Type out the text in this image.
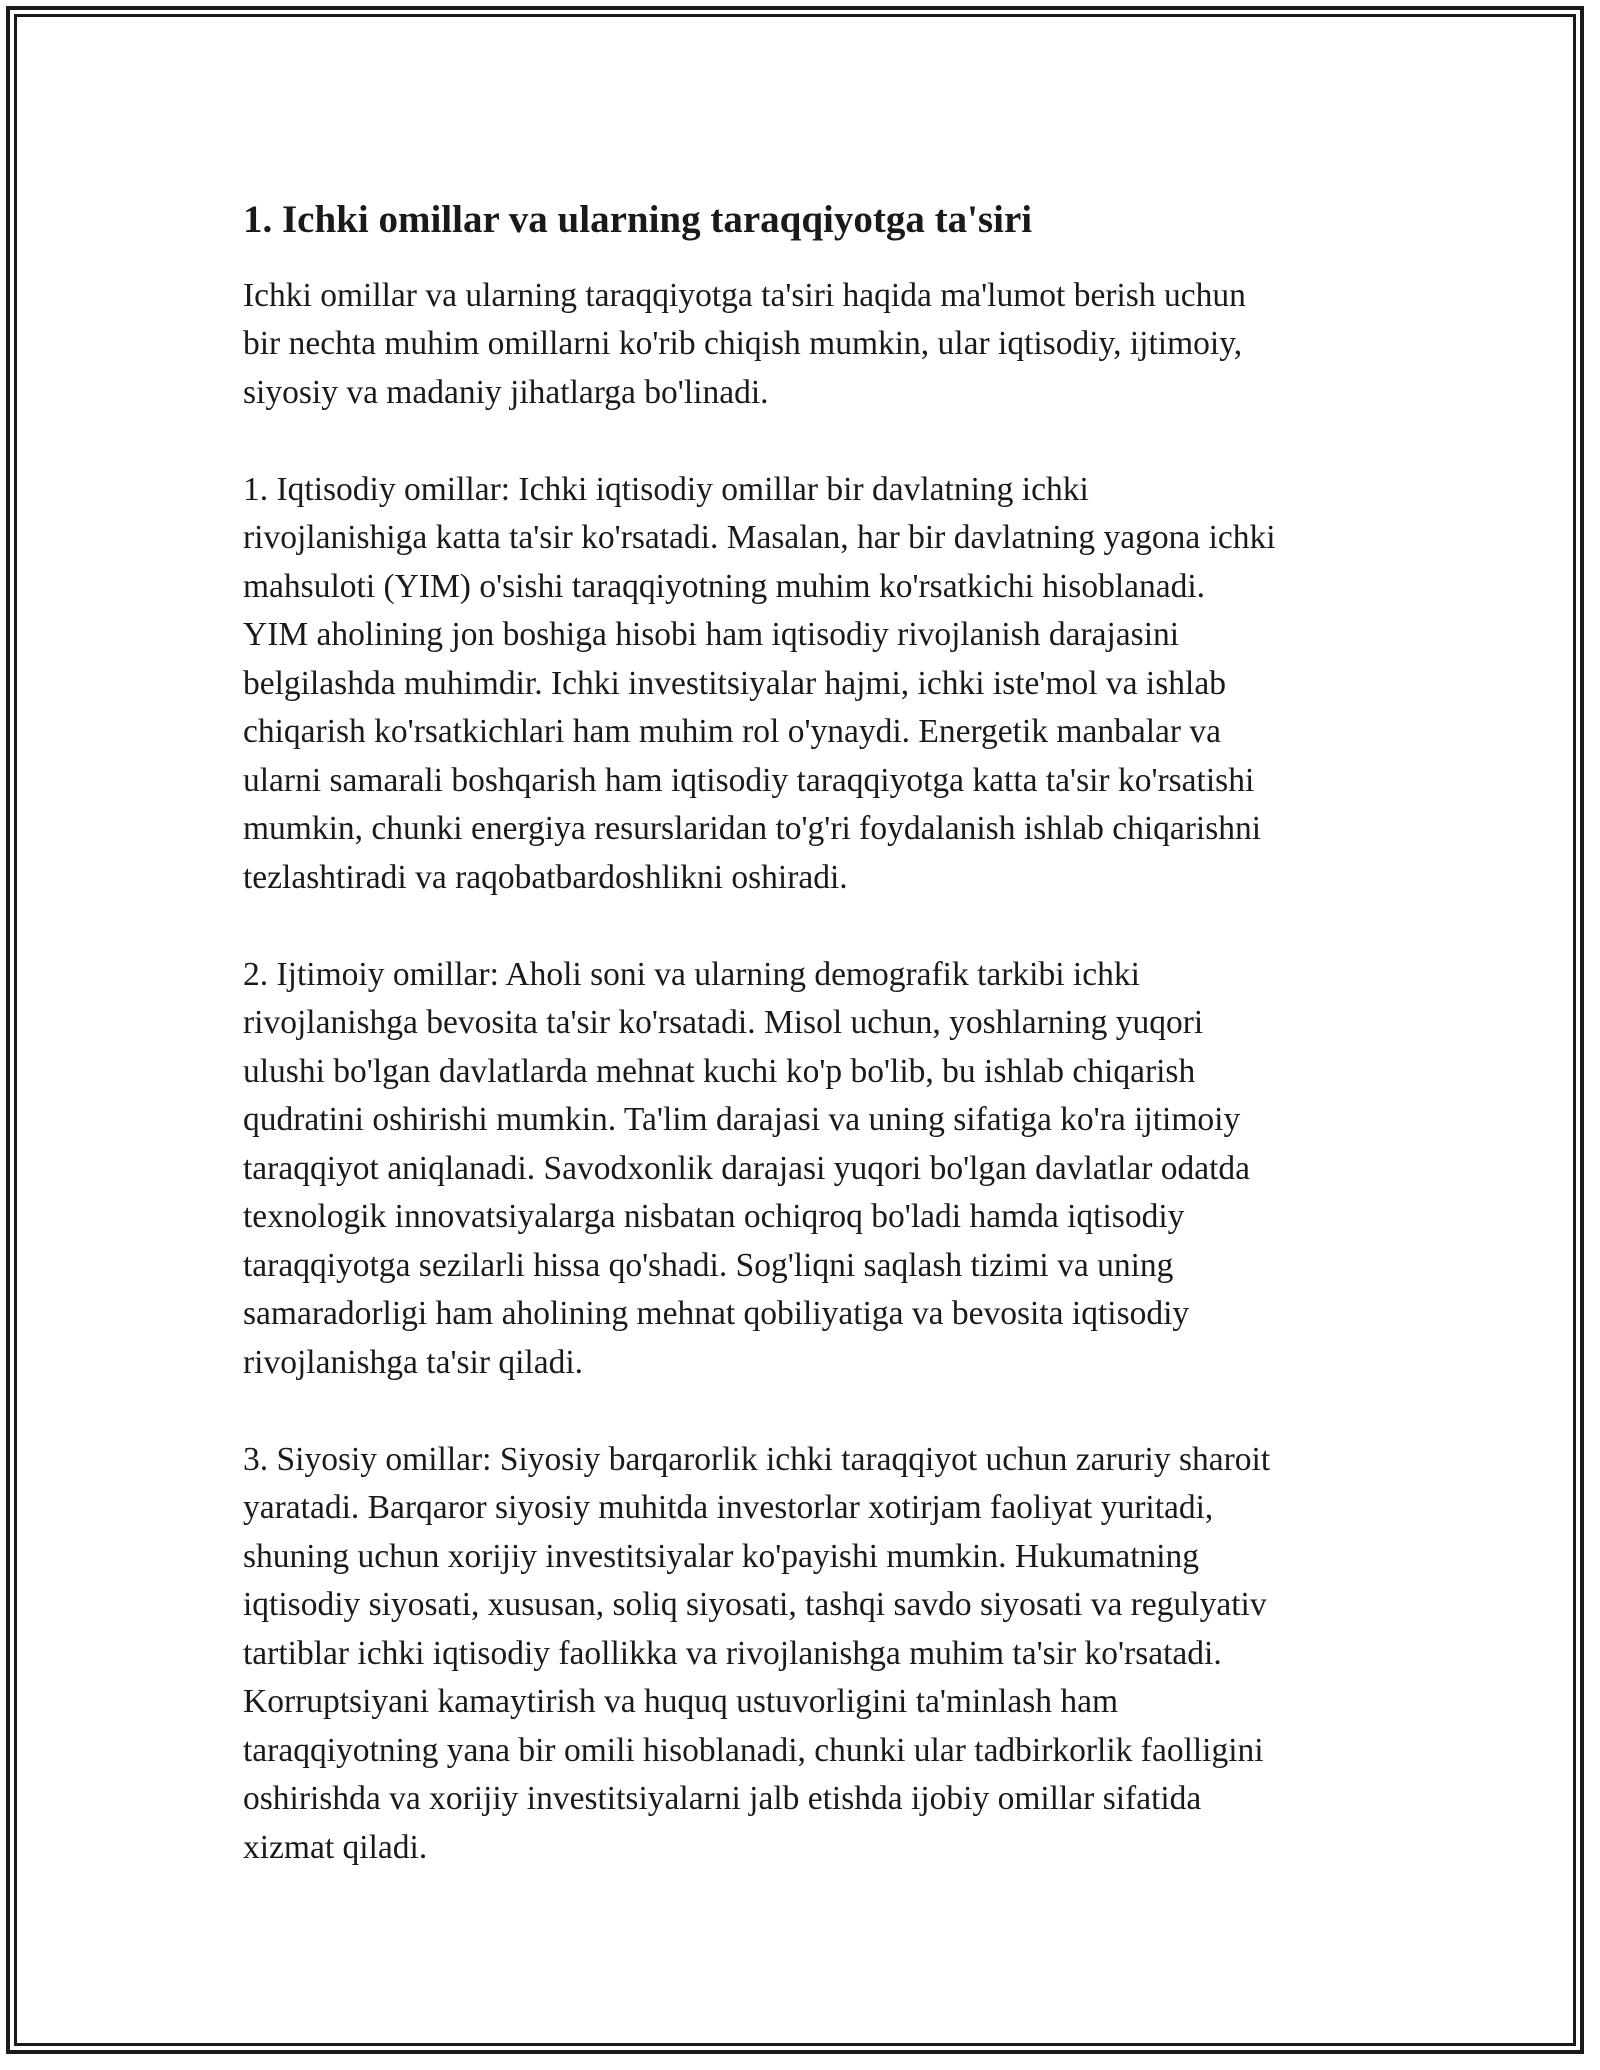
1. Ichki omillar va ularning taraqqiyotga ta'siri

Ichki omillar va ularning taraqqiyotga ta'siri haqida ma'lumot berish uchun
bir nechta muhim omillarni ko'rib chiqish mumkin, ular iqtisodiy, ijtimoiy,
siyosiy va madaniy jihatlarga bo'linadi.

1. Iqtisodiy omillar: Ichki iqtisodiy omillar bir davlatning ichki
rivojlanishiga katta ta'sir ko'rsatadi. Masalan, har bir davlatning yagona ichki
mahsuloti (YIM) o'sishi taraqqiyotning muhim ko'rsatkichi hisoblanadi.
YIM aholining jon boshiga hisobi ham iqtisodiy rivojlanish darajasini
belgilashda muhimdir. Ichki investitsiyalar hajmi, ichki iste'mol va ishlab
chiqarish ko'rsatkichlari ham muhim rol o'ynaydi. Energetik manbalar va
ularni samarali boshqarish ham iqtisodiy taraqqiyotga katta ta'sir ko'rsatishi
mumkin, chunki energiya resurslaridan to'g'ri foydalanish ishlab chiqarishni
tezlashtiradi va raqobatbardoshlikni oshiradi.

2. Ijtimoiy omillar: Aholi soni va ularning demografik tarkibi ichki
rivojlanishga bevosita ta'sir ko'rsatadi. Misol uchun, yoshlarning yuqori
ulushi bo'lgan davlatlarda mehnat kuchi ko'p bo'lib, bu ishlab chiqarish
qudratini oshirishi mumkin. Ta'lim darajasi va uning sifatiga ko'ra ijtimoiy
taraqqiyot aniqlanadi. Savodxonlik darajasi yuqori bo'lgan davlatlar odatda
texnologik innovatsiyalarga nisbatan ochiqroq bo'ladi hamda iqtisodiy
taraqqiyotga sezilarli hissa qo'shadi. Sog'liqni saqlash tizimi va uning
samaradorligi ham aholining mehnat qobiliyatiga va bevosita iqtisodiy
rivojlanishga ta'sir qiladi.

3. Siyosiy omillar: Siyosiy barqarorlik ichki taraqqiyot uchun zaruriy sharoit
yaratadi. Barqaror siyosiy muhitda investorlar xotirjam faoliyat yuritadi,
shuning uchun xorijiy investitsiyalar ko'payishi mumkin. Hukumatning
iqtisodiy siyosati, xususan, soliq siyosati, tashqi savdo siyosati va regulyativ
tartiblar ichki iqtisodiy faollikka va rivojlanishga muhim ta'sir ko'rsatadi.
Korruptsiyani kamaytirish va huquq ustuvorligini ta'minlash ham
taraqqiyotning yana bir omili hisoblanadi, chunki ular tadbirkorlik faolligini
oshirishda va xorijiy investitsiyalarni jalb etishda ijobiy omillar sifatida
xizmat qiladi.
